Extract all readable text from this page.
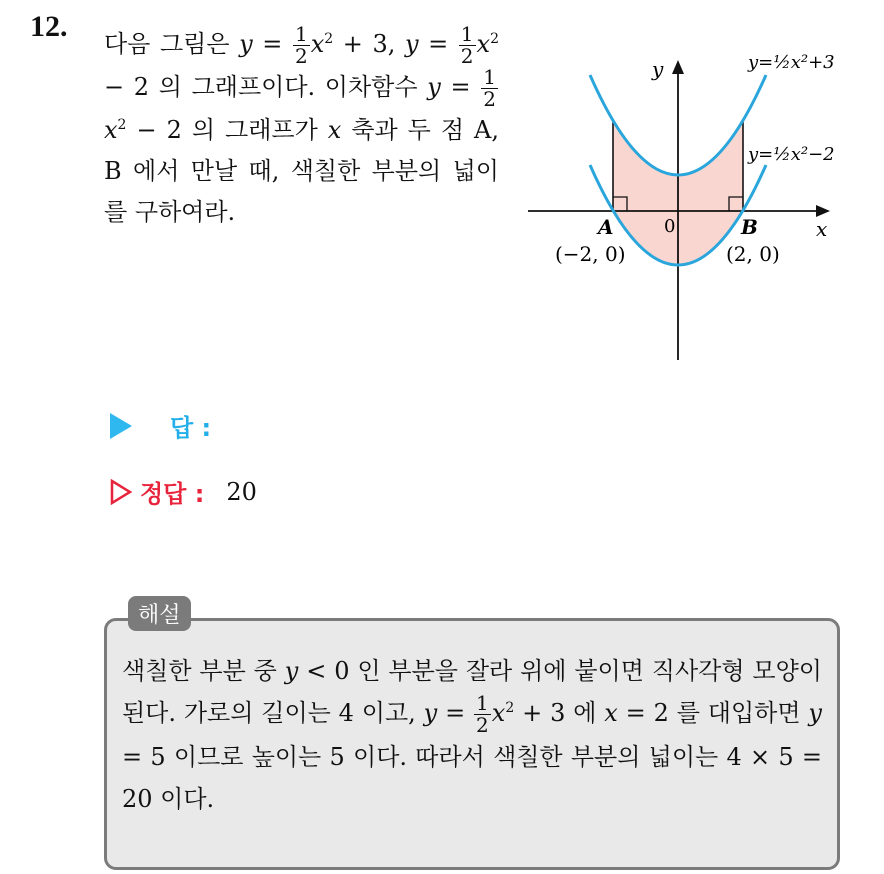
12.

다음 그림은 $y = \frac{1}{2} x^2 + 3$, $y = \frac{1}{2} x^2 - 2$ 의 그래프이다. 이차함수 $y = \frac{1}{2}$
$x^2 - 2$ 의 그래프가 x 축과 두 점 A, B 에서 만날 때, 색칠한 부분의 넓이를 구하여라.

y
x
0
y=½x²+3
y=½x²−2
A
(−2, 0)
B
(2, 0)
답 :
정답 : 20
해설

색칠한 부분 중 y < 0 인 부분을 잘라 위에 붙이면 직사각형 모양이 된다. 가로의 길이는 4 이고, $y = \frac{1}{2} x^2 + 3$ 에 x = 2 를 대입하면 y = 5 이므로 높이는 5 이다. 따라서 색칠한 부분의 넓이는 4 × 5 = 20 이다.
